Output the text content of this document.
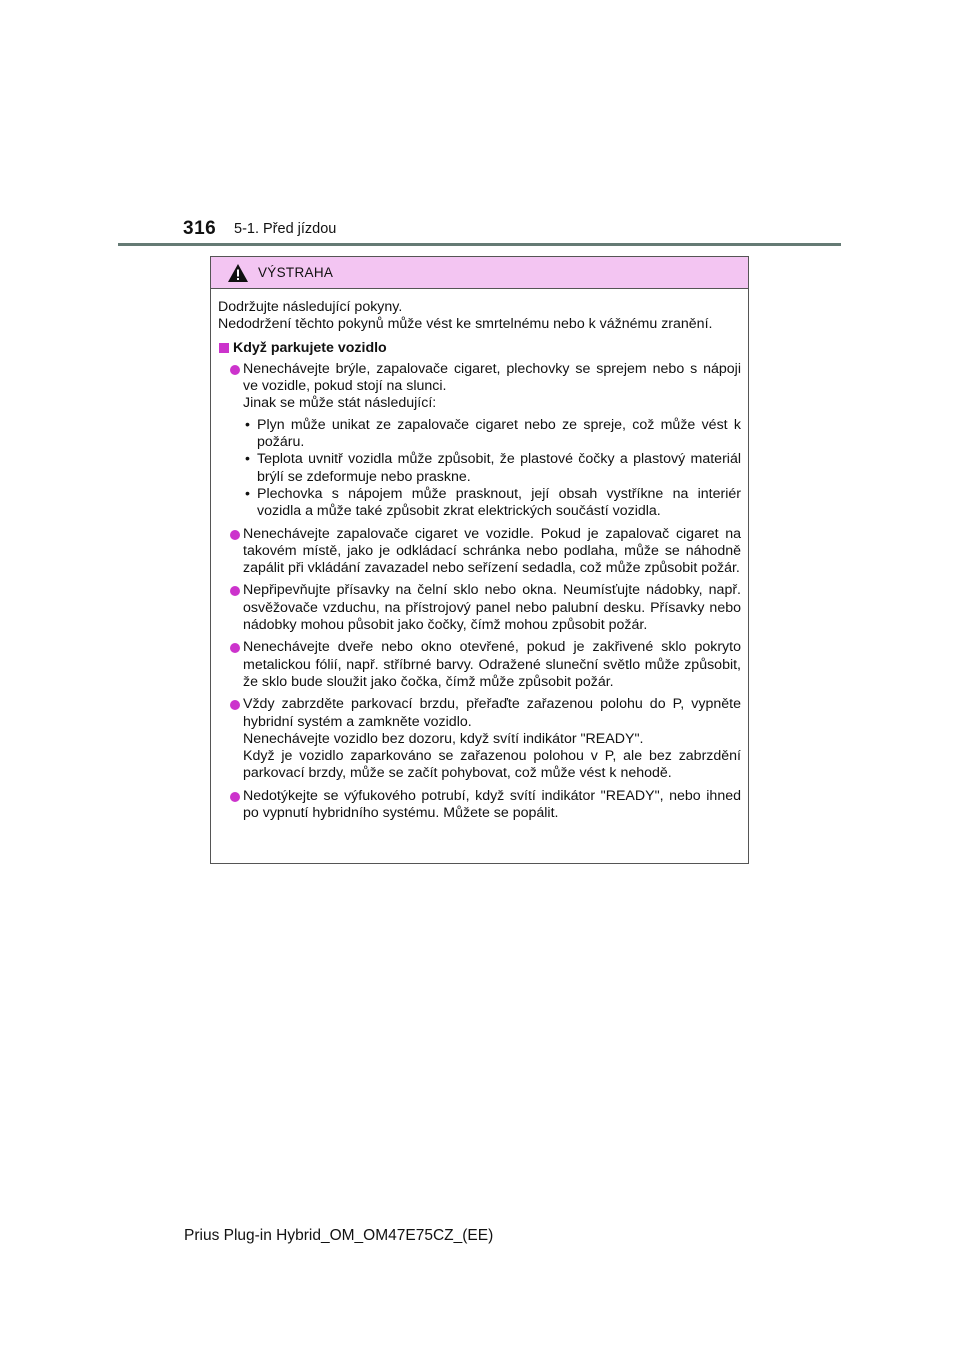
316 5-1. Před jízdou
VÝSTRAHA

Dodržujte následující pokyny.

Nedodržení těchto pokynů může vést ke smrtelnému nebo k vážnému zranění.

Když parkujete vozidlo

Nenechávejte brýle, zapalovače cigaret, plechovky se sprejem nebo s nápoji ve vozidle, pokud stojí na slunci.

Jinak se může stát následující:

• Plyn může unikat ze zapalovače cigaret nebo ze spreje, což může vést k požáru.
• Teplota uvnitř vozidla může způsobit, že plastové čočky a plastový materiál brýlí se zdeformuje nebo praskne.
• Plechovka s nápojem může prasknout, její obsah vystříkne na interiér vozidla a může také způsobit zkrat elektrických součástí vozidla.

Nenechávejte zapalovače cigaret ve vozidle. Pokud je zapalovač cigaret na takovém místě, jako je odkládací schránka nebo podlaha, může se náhodně zapálit při vkládání zavazadel nebo seřízení sedadla, což může způsobit požár.

Nepřipevňujte přísavky na čelní sklo nebo okna. Neumísťujte nádobky, např. osvěžovače vzduchu, na přístrojový panel nebo palubní desku. Přísavky nebo nádobky mohou působit jako čočky, čímž mohou způsobit požár.

Nenechávejte dveře nebo okno otevřené, pokud je zakřivené sklo pokryto metalickou fólií, např. stříbrné barvy. Odražené sluneční světlo může způsobit, že sklo bude sloužit jako čočka, čímž může způsobit požár.

Vždy zabrzděte parkovací brzdu, přeřaďte zařazenou polohu do P, vypněte hybridní systém a zamkněte vozidlo.

Nenechávejte vozidlo bez dozoru, když svítí indikátor "READY".

Když je vozidlo zaparkováno se zařazenou polohou v P, ale bez zabrzdění parkovací brzdy, může se začít pohybovat, což může vést k nehodě.

Nedotýkejte se výfukového potrubí, když svítí indikátor "READY", nebo ihned po vypnutí hybridního systému. Můžete se popálit.

Prius Plug-in Hybrid_OM_OM47E75CZ_(EE)
